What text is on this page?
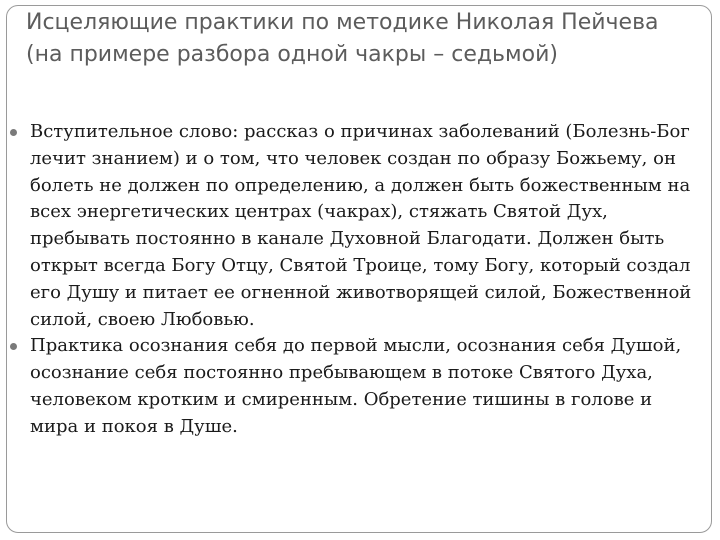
Исцеляющие практики по методике Николая Пейчева (на примере разбора одной чакры – седьмой)
Вступительное слово: рассказ о причинах заболеваний (Болезнь-Бог лечит знанием) и о том, что человек создан по образу Божьему, он болеть не должен по определению, а должен быть божественным на всех энергетических центрах (чакрах), стяжать Святой Дух, пребывать постоянно в канале Духовной Благодати. Должен быть открыт всегда Богу Отцу, Святой Троице, тому Богу, который создал его Душу и питает ее огненной животворящей силой, Божественной силой, своею Любовью.
Практика осознания себя до первой мысли, осознания себя Душой, осознание себя постоянно пребывающем в потоке Святого Духа, человеком кротким и смиренным. Обретение тишины в голове и мира и покоя в Душе.
